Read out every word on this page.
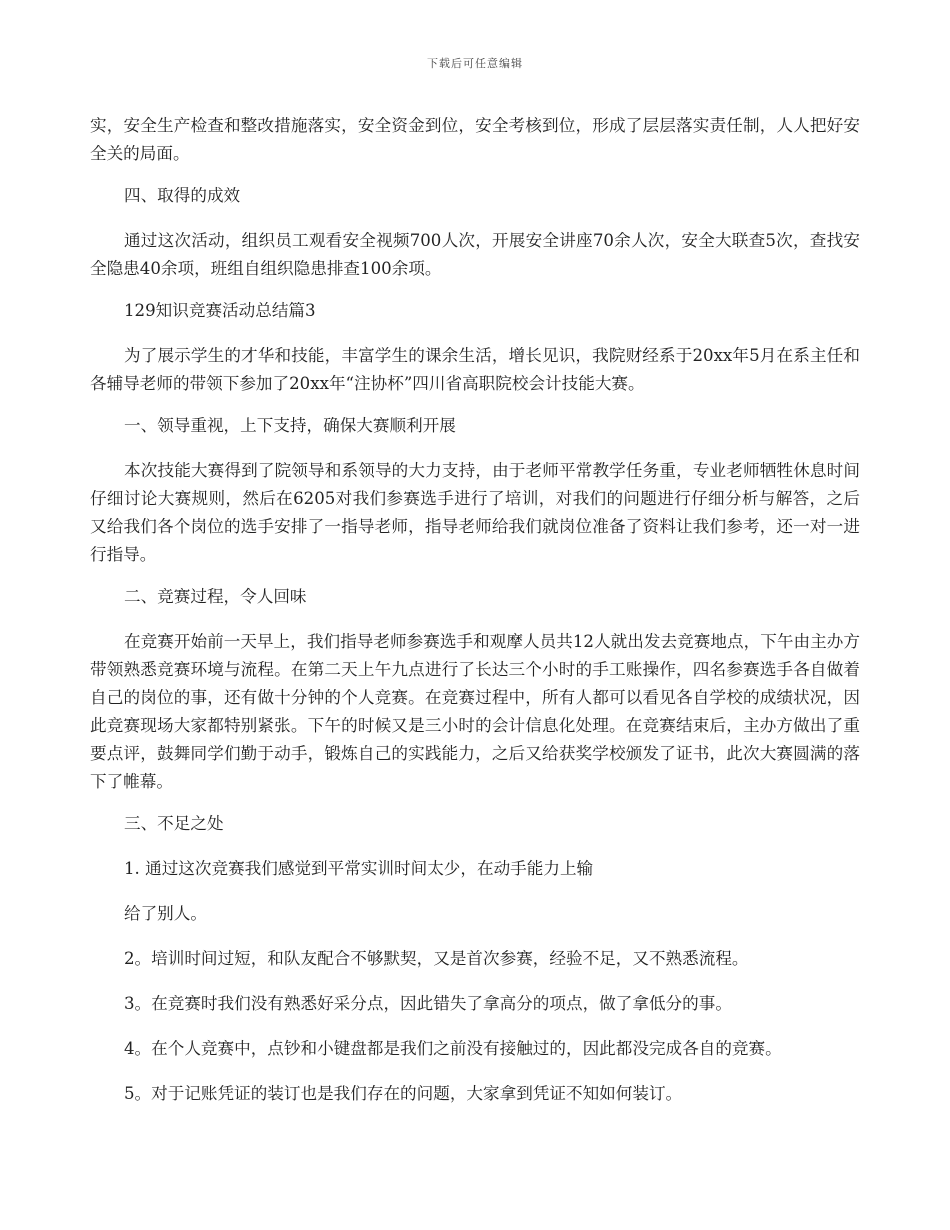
下载后可任意编辑

实，安全生产检查和整改措施落实，安全资金到位，安全考核到位，形成了层层落实责任制，人人把好安全关的局面。

四、取得的成效

通过这次活动，组织员工观看安全视频700人次，开展安全讲座70余人次，安全大联查5次，查找安全隐患40余项，班组自组织隐患排查100余项。

129知识竞赛活动总结篇3

为了展示学生的才华和技能，丰富学生的课余生活，增长见识，我院财经系于20xx年5月在系主任和各辅导老师的带领下参加了20xx年“注协杯”四川省高职院校会计技能大赛。

一、领导重视，上下支持，确保大赛顺利开展

本次技能大赛得到了院领导和系领导的大力支持，由于老师平常教学任务重，专业老师牺牲休息时间仔细讨论大赛规则，然后在6205对我们参赛选手进行了培训，对我们的问题进行仔细分析与解答，之后又给我们各个岗位的选手安排了一指导老师，指导老师给我们就岗位准备了资料让我们参考，还一对一进行指导。

二、竞赛过程，令人回味

在竞赛开始前一天早上，我们指导老师参赛选手和观摩人员共12人就出发去竞赛地点，下午由主办方带领熟悉竞赛环境与流程。在第二天上午九点进行了长达三个小时的手工账操作，四名参赛选手各自做着自己的岗位的事，还有做十分钟的个人竞赛。在竞赛过程中，所有人都可以看见各自学校的成绩状况，因此竞赛现场大家都特别紧张。下午的时候又是三小时的会计信息化处理。在竞赛结束后，主办方做出了重要点评，鼓舞同学们勤于动手，锻炼自己的实践能力，之后又给获奖学校颁发了证书，此次大赛圆满的落下了帷幕。

三、不足之处

1. 通过这次竞赛我们感觉到平常实训时间太少，在动手能力上输

给了别人。

2。培训时间过短，和队友配合不够默契，又是首次参赛，经验不足，又不熟悉流程。

3。在竞赛时我们没有熟悉好采分点，因此错失了拿高分的项点，做了拿低分的事。

4。在个人竞赛中，点钞和小键盘都是我们之前没有接触过的，因此都没完成各自的竞赛。

5。对于记账凭证的装订也是我们存在的问题，大家拿到凭证不知如何装订。
